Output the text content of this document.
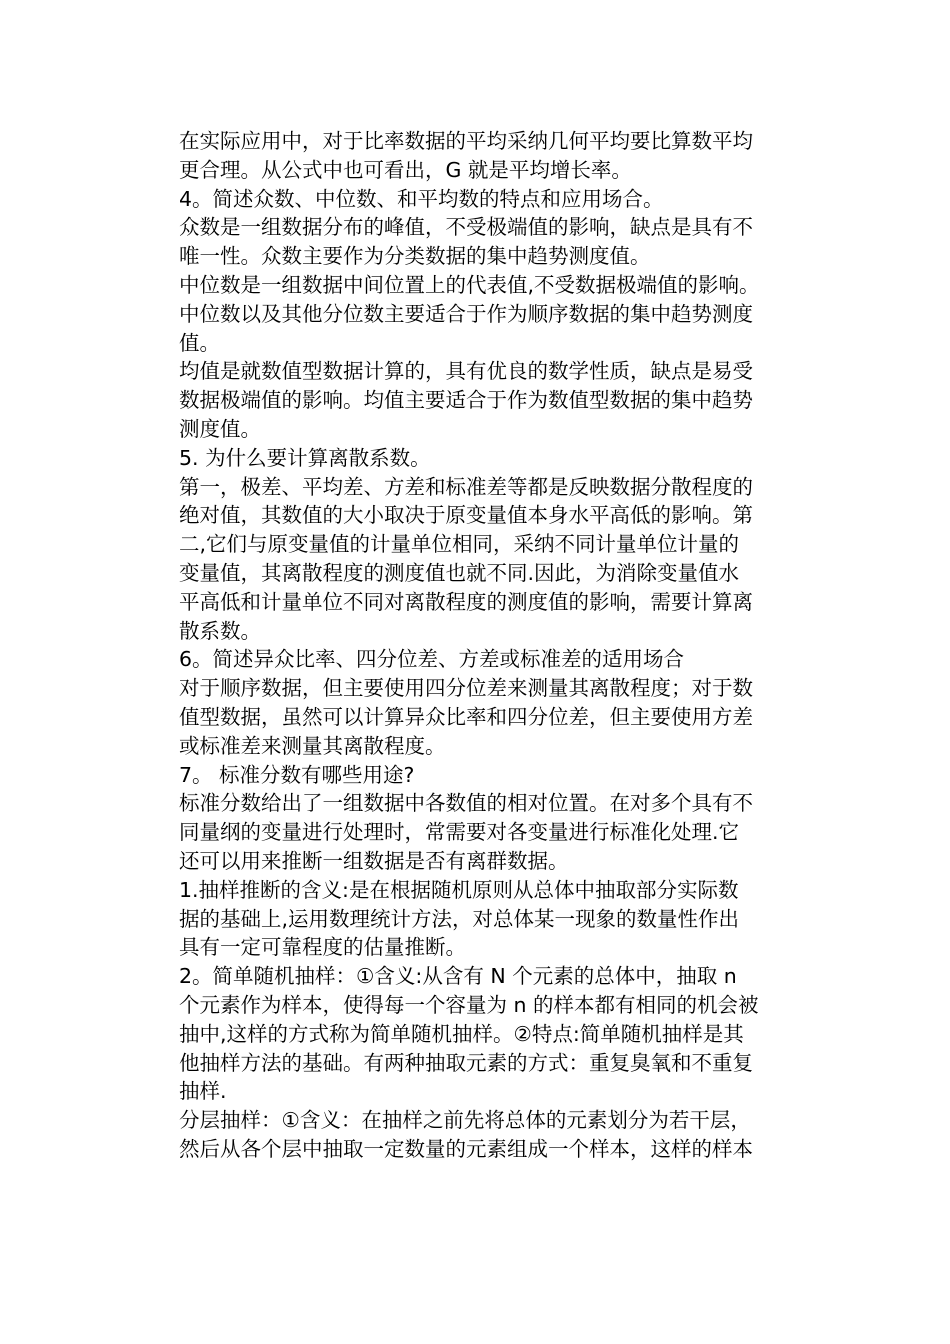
在实际应用中，对于比率数据的平均采纳几何平均要比算数平均
更合理。从公式中也可看出，G 就是平均增长率。
4。简述众数、中位数、和平均数的特点和应用场合。
众数是一组数据分布的峰值，不受极端值的影响，缺点是具有不
唯一性。众数主要作为分类数据的集中趋势测度值。
中位数是一组数据中间位置上的代表值,不受数据极端值的影响。
中位数以及其他分位数主要适合于作为顺序数据的集中趋势测度
值。
均值是就数值型数据计算的，具有优良的数学性质，缺点是易受
数据极端值的影响。均值主要适合于作为数值型数据的集中趋势
测度值。
5. 为什么要计算离散系数。
第一，极差、平均差、方差和标准差等都是反映数据分散程度的
绝对值，其数值的大小取决于原变量值本身水平高低的影响。第
二,它们与原变量值的计量单位相同，采纳不同计量单位计量的
变量值，其离散程度的测度值也就不同.因此，为消除变量值水
平高低和计量单位不同对离散程度的测度值的影响，需要计算离
散系数。
6。简述异众比率、四分位差、方差或标准差的适用场合
对于顺序数据，但主要使用四分位差来测量其离散程度；对于数
值型数据，虽然可以计算异众比率和四分位差，但主要使用方差
或标准差来测量其离散程度。
7。 标准分数有哪些用途?
标准分数给出了一组数据中各数值的相对位置。在对多个具有不
同量纲的变量进行处理时，常需要对各变量进行标准化处理.它
还可以用来推断一组数据是否有离群数据。
1.抽样推断的含义:是在根据随机原则从总体中抽取部分实际数
据的基础上,运用数理统计方法，对总体某一现象的数量性作出
具有一定可靠程度的估量推断。
2。简单随机抽样：①含义:从含有 N 个元素的总体中，抽取 n
个元素作为样本，使得每一个容量为 n 的样本都有相同的机会被
抽中,这样的方式称为简单随机抽样。②特点:简单随机抽样是其
他抽样方法的基础。有两种抽取元素的方式：重复臭氧和不重复
抽样.
分层抽样：①含义：在抽样之前先将总体的元素划分为若干层，
然后从各个层中抽取一定数量的元素组成一个样本，这样的样本
